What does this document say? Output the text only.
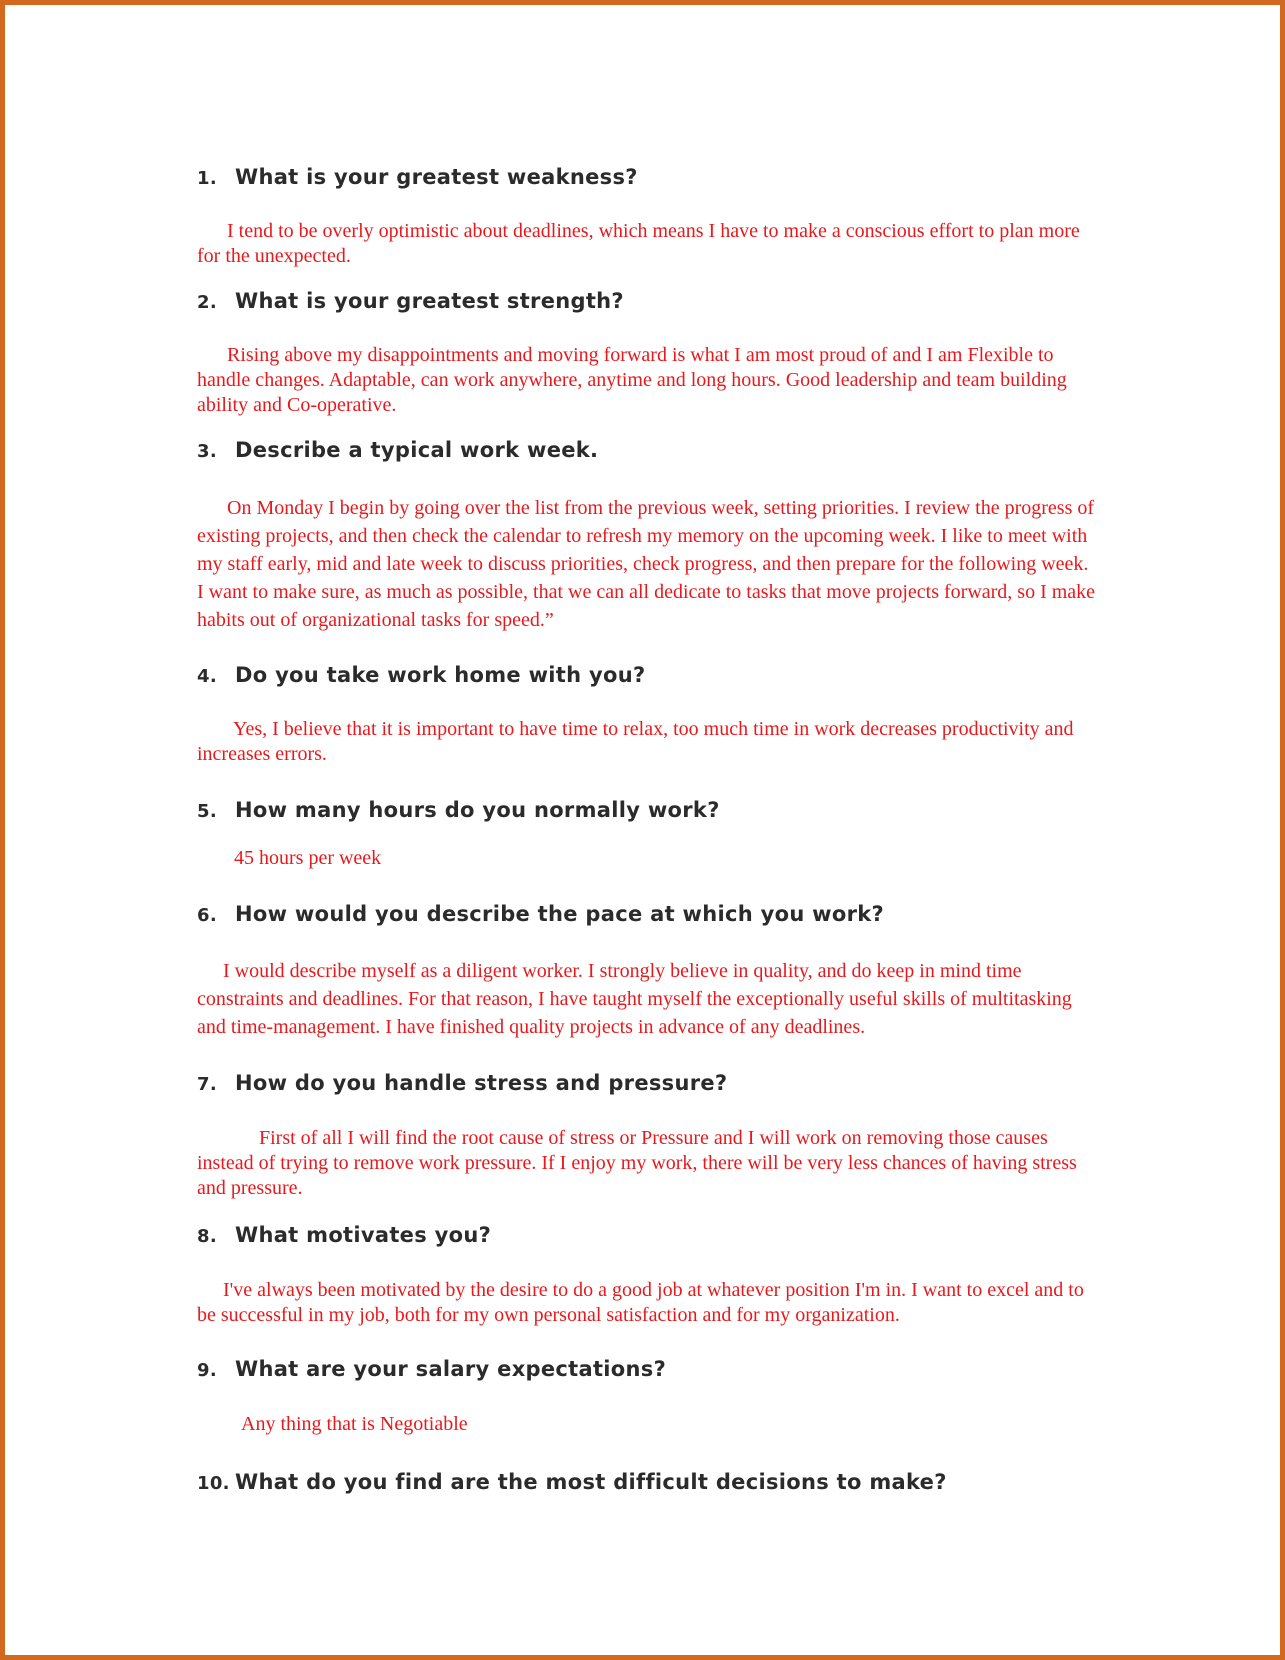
1. What is your greatest weakness?

I tend to be overly optimistic about deadlines, which means I have to make a conscious effort to plan more for the unexpected.

2. What is your greatest strength?

Rising above my disappointments and moving forward is what I am most proud of and I am Flexible to handle changes. Adaptable, can work anywhere, anytime and long hours. Good leadership and team building ability and Co-operative.

3. Describe a typical work week.

On Monday I begin by going over the list from the previous week, setting priorities. I review the progress of existing projects, and then check the calendar to refresh my memory on the upcoming week. I like to meet with my staff early, mid and late week to discuss priorities, check progress, and then prepare for the following week. I want to make sure, as much as possible, that we can all dedicate to tasks that move projects forward, so I make habits out of organizational tasks for speed.”

4. Do you take work home with you?

Yes, I believe that it is important to have time to relax, too much time in work decreases productivity and increases errors.

5. How many hours do you normally work?

45 hours per week

6. How would you describe the pace at which you work?

I would describe myself as a diligent worker. I strongly believe in quality, and do keep in mind time constraints and deadlines. For that reason, I have taught myself the exceptionally useful skills of multitasking and time-management. I have finished quality projects in advance of any deadlines.

7. How do you handle stress and pressure?

First of all I will find the root cause of stress or Pressure and I will work on removing those causes instead of trying to remove work pressure. If I enjoy my work, there will be very less chances of having stress and pressure.

8. What motivates you?

I've always been motivated by the desire to do a good job at whatever position I'm in. I want to excel and to be successful in my job, both for my own personal satisfaction and for my organization.

9. What are your salary expectations?

Any thing that is Negotiable

10. What do you find are the most difficult decisions to make?
